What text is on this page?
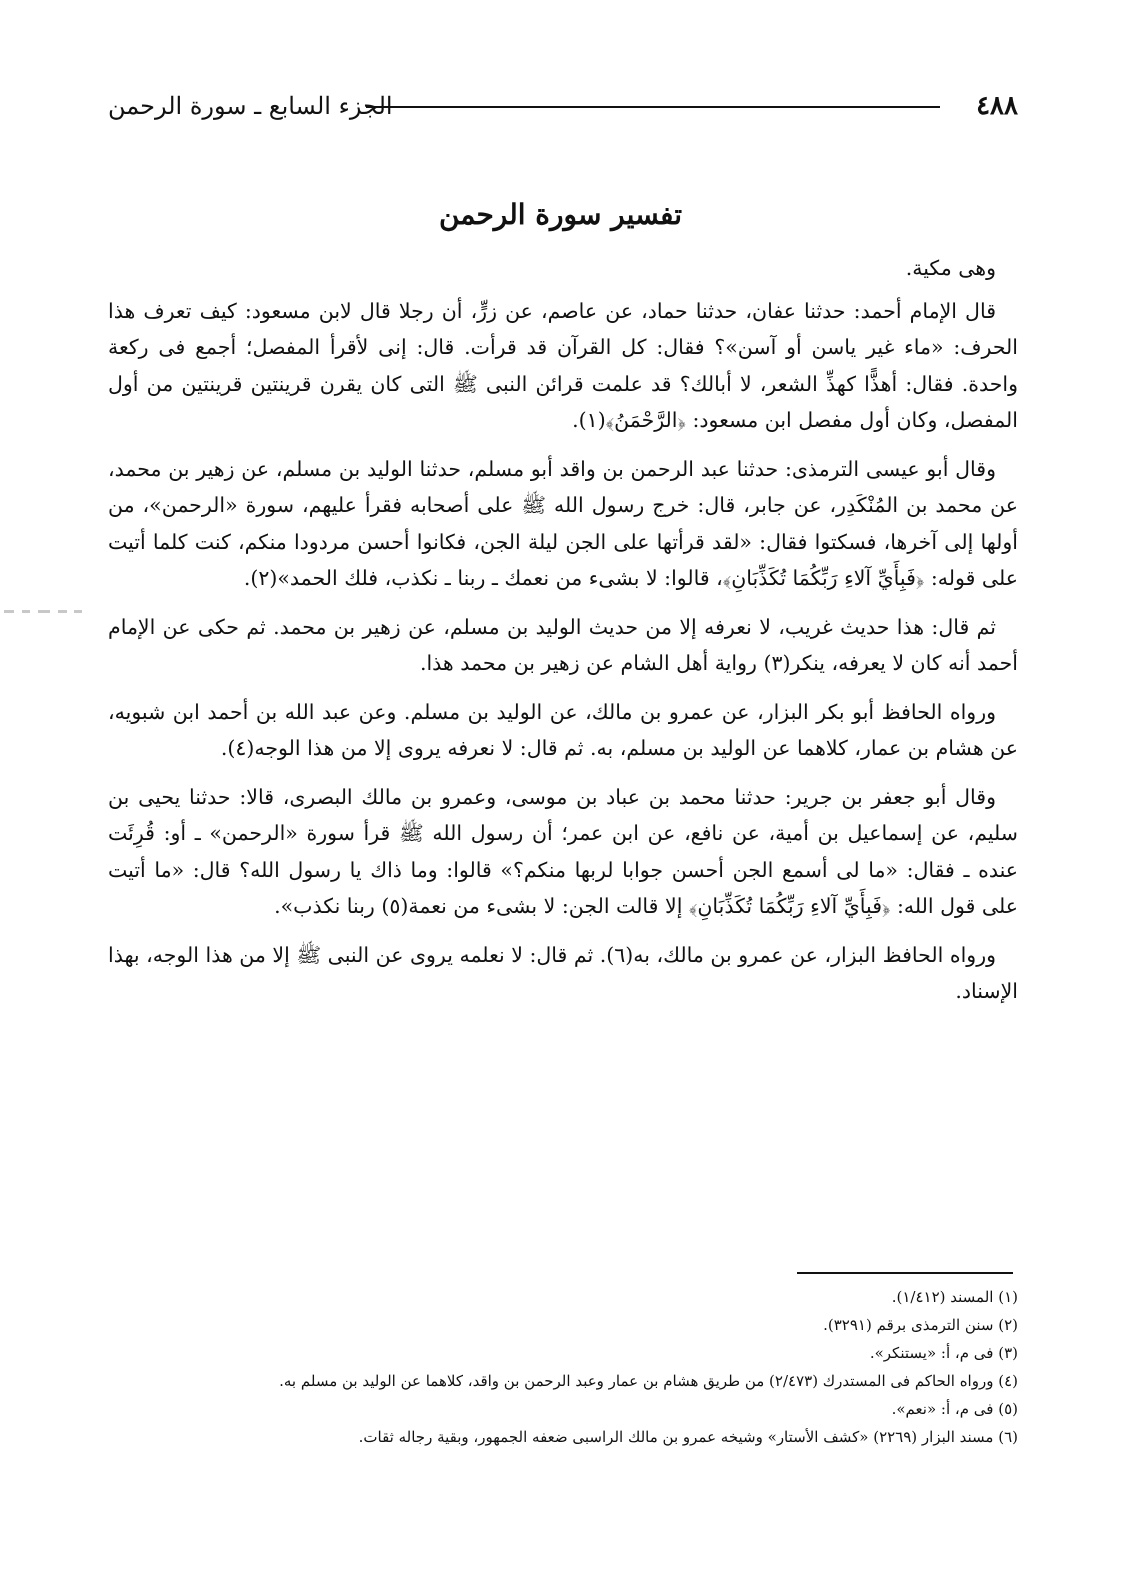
٤٨٨
الجزء السابع ـ سورة الرحمن
تفسير سورة الرحمن

وهى مكية.

قال الإمام أحمد: حدثنا عفان، حدثنا حماد، عن عاصم، عن زرٍّ، أن رجلا قال لابن مسعود: كيف تعرف هذا الحرف: «ماء غير ياسن أو آسن»؟ فقال: كل القرآن قد قرأت. قال: إنى لأقرأ المفصل؛ أجمع فى ركعة واحدة. فقال: أهذًّا كهذِّ الشعر، لا أبالك؟ قد علمت قرائن النبى ﷺ التى كان يقرن قرينتين قرينتين من أول المفصل، وكان أول مفصل ابن مسعود: ﴿الرَّحْمَنُ﴾(١).

وقال أبو عيسى الترمذى: حدثنا عبد الرحمن بن واقد أبو مسلم، حدثنا الوليد بن مسلم، عن زهير بن محمد، عن محمد بن المُنْكَدِر، عن جابر، قال: خرج رسول الله ﷺ على أصحابه فقرأ عليهم، سورة «الرحمن»، من أولها إلى آخرها، فسكتوا فقال: «لقد قرأتها على الجن ليلة الجن، فكانوا أحسن مردودا منكم، كنت كلما أتيت على قوله: ﴿فَبِأَيِّ آلاءِ رَبِّكُمَا تُكَذِّبَانِ﴾، قالوا: لا بشىء من نعمك ـ ربنا ـ نكذب، فلك الحمد»(٢).

ثم قال: هذا حديث غريب، لا نعرفه إلا من حديث الوليد بن مسلم، عن زهير بن محمد. ثم حكى عن الإمام أحمد أنه كان لا يعرفه، ينكر(٣) رواية أهل الشام عن زهير بن محمد هذا.

ورواه الحافظ أبو بكر البزار، عن عمرو بن مالك، عن الوليد بن مسلم. وعن عبد الله بن أحمد ابن شبويه، عن هشام بن عمار، كلاهما عن الوليد بن مسلم، به. ثم قال: لا نعرفه يروى إلا من هذا الوجه(٤).

وقال أبو جعفر بن جرير: حدثنا محمد بن عباد بن موسى، وعمرو بن مالك البصرى، قالا: حدثنا يحيى بن سليم، عن إسماعيل بن أمية، عن نافع، عن ابن عمر؛ أن رسول الله ﷺ قرأ سورة «الرحمن» ـ أو: قُرِئَت عنده ـ فقال: «ما لى أسمع الجن أحسن جوابا لربها منكم؟» قالوا: وما ذاك يا رسول الله؟ قال: «ما أتيت على قول الله: ﴿فَبِأَيِّ آلاءِ رَبِّكُمَا تُكَذِّبَانِ﴾ إلا قالت الجن: لا بشىء من نعمة(٥) ربنا نكذب».

ورواه الحافظ البزار، عن عمرو بن مالك، به(٦). ثم قال: لا نعلمه يروى عن النبى ﷺ إلا من هذا الوجه، بهذا الإسناد.

(١) المسند (١/٤١٢).
(٢) سنن الترمذى برقم (٣٢٩١).
(٣) فى م، أ: «يستنكر».
(٤) ورواه الحاكم فى المستدرك (٢/٤٧٣) من طريق هشام بن عمار وعبد الرحمن بن واقد، كلاهما عن الوليد بن مسلم به.
(٥) فى م، أ: «نعم».
(٦) مسند البزار (٢٢٦٩) «كشف الأستار» وشيخه عمرو بن مالك الراسبى ضعفه الجمهور، وبقية رجاله ثقات.
